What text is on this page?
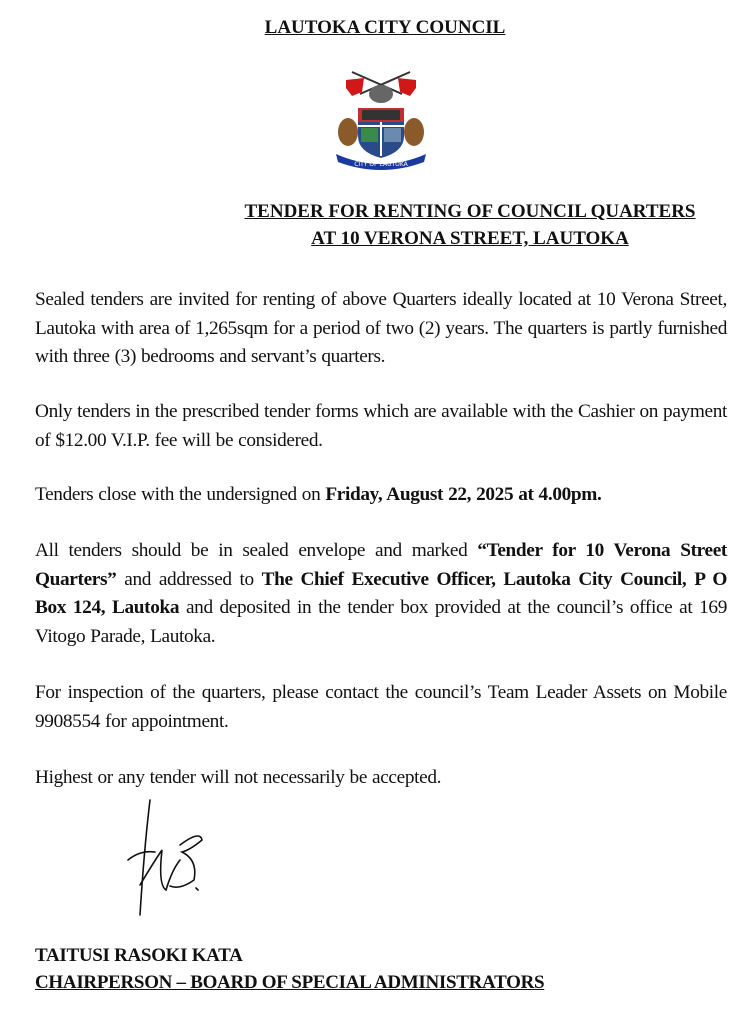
LAUTOKA CITY COUNCIL
CITY OF LAUTOKA
TENDER FOR RENTING OF COUNCIL QUARTERS
AT 10 VERONA STREET, LAUTOKA

Sealed tenders are invited for renting of above Quarters ideally located at 10 Verona Street, Lautoka with area of 1,265sqm for a period of two (2) years. The quarters is partly furnished with three (3) bedrooms and servant’s quarters.

Only tenders in the prescribed tender forms which are available with the Cashier on payment of $12.00 V.I.P. fee will be considered.

Tenders close with the undersigned on Friday, August 22, 2025 at 4.00pm.

All tenders should be in sealed envelope and marked “Tender for 10 Verona Street Quarters” and addressed to The Chief Executive Officer, Lautoka City Council, P O Box 124, Lautoka and deposited in the tender box provided at the council’s office at 169 Vitogo Parade, Lautoka.

For inspection of the quarters, please contact the council’s Team Leader Assets on Mobile 9908554 for appointment.

Highest or any tender will not necessarily be accepted.

TAITUSI RASOKI KATA
CHAIRPERSON – BOARD OF SPECIAL ADMINISTRATORS
